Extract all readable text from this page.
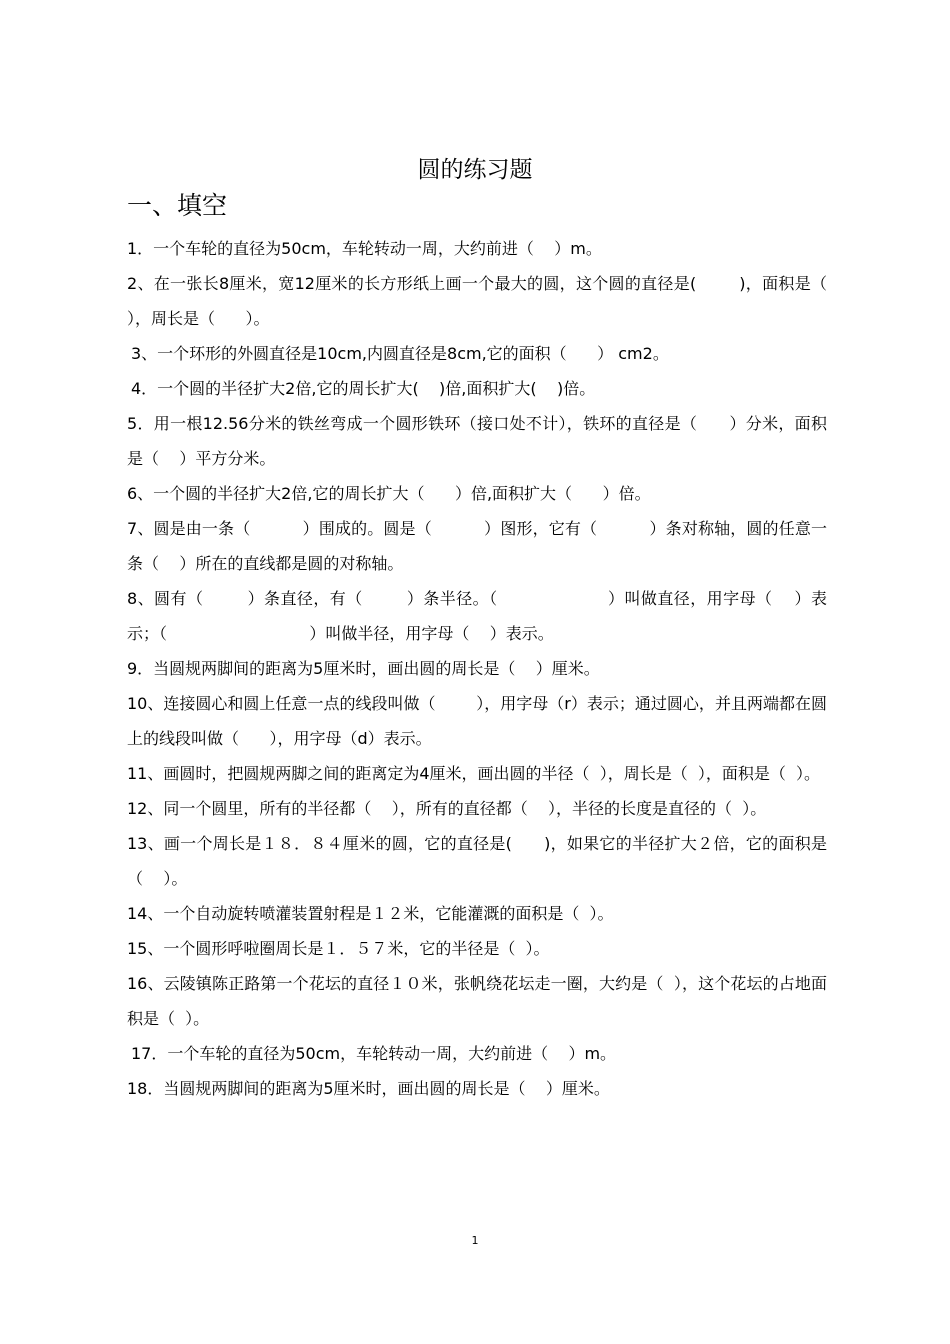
圆的练习题
一、填空
1．一个车轮的直径为50cm，车轮转动一周，大约前进（    ）m。
2、在一张长8厘米，宽12厘米的长方形纸上画一个最大的圆，这个圆的直径是(        )，面积是（      ），周长是（      ）。
3、一个环形的外圆直径是10cm,内圆直径是8cm,它的面积（      ） cm2。
4．一个圆的半径扩大2倍,它的周长扩大(    )倍,面积扩大(    )倍。
5．用一根12.56分米的铁丝弯成一个圆形铁环（接口处不计），铁环的直径是（      ）分米，面积是（    ）平方分米。
6、一个圆的半径扩大2倍,它的周长扩大（      ）倍,面积扩大（      ）倍。
7、圆是由一条（          ）围成的。圆是（          ）图形，它有（          ）条对称轴，圆的任意一条（    ）所在的直线都是圆的对称轴。
8、圆有（        ）条直径，有（        ）条半径。（                    ）叫做直径，用字母（    ）表示；（                            ）叫做半径，用字母（    ）表示。
9．当圆规两脚间的距离为5厘米时，画出圆的周长是（    ）厘米。
10、连接圆心和圆上任意一点的线段叫做（        ），用字母（r）表示；通过圆心，并且两端都在圆上的线段叫做（      ），用字母（d）表示。
11、画圆时，把圆规两脚之间的距离定为4厘米，画出圆的半径（  ），周长是（  ），面积是（  ）。
12、同一个圆里，所有的半径都（    ），所有的直径都（    ），半径的长度是直径的（  ）。
13、画一个周长是１８．８４厘米的圆，它的直径是(      )，如果它的半径扩大２倍，它的面积是（    ）。
14、一个自动旋转喷灌装置射程是１２米，它能灌溉的面积是（  ）。
15、一个圆形呼啦圈周长是１．５７米，它的半径是（  ）。
16、云陵镇陈正路第一个花坛的直径１０米，张帆绕花坛走一圈，大约是（  ），这个花坛的占地面积是（  ）。
17．一个车轮的直径为50cm，车轮转动一周，大约前进（    ）m。
18．当圆规两脚间的距离为5厘米时，画出圆的周长是（    ）厘米。
1
